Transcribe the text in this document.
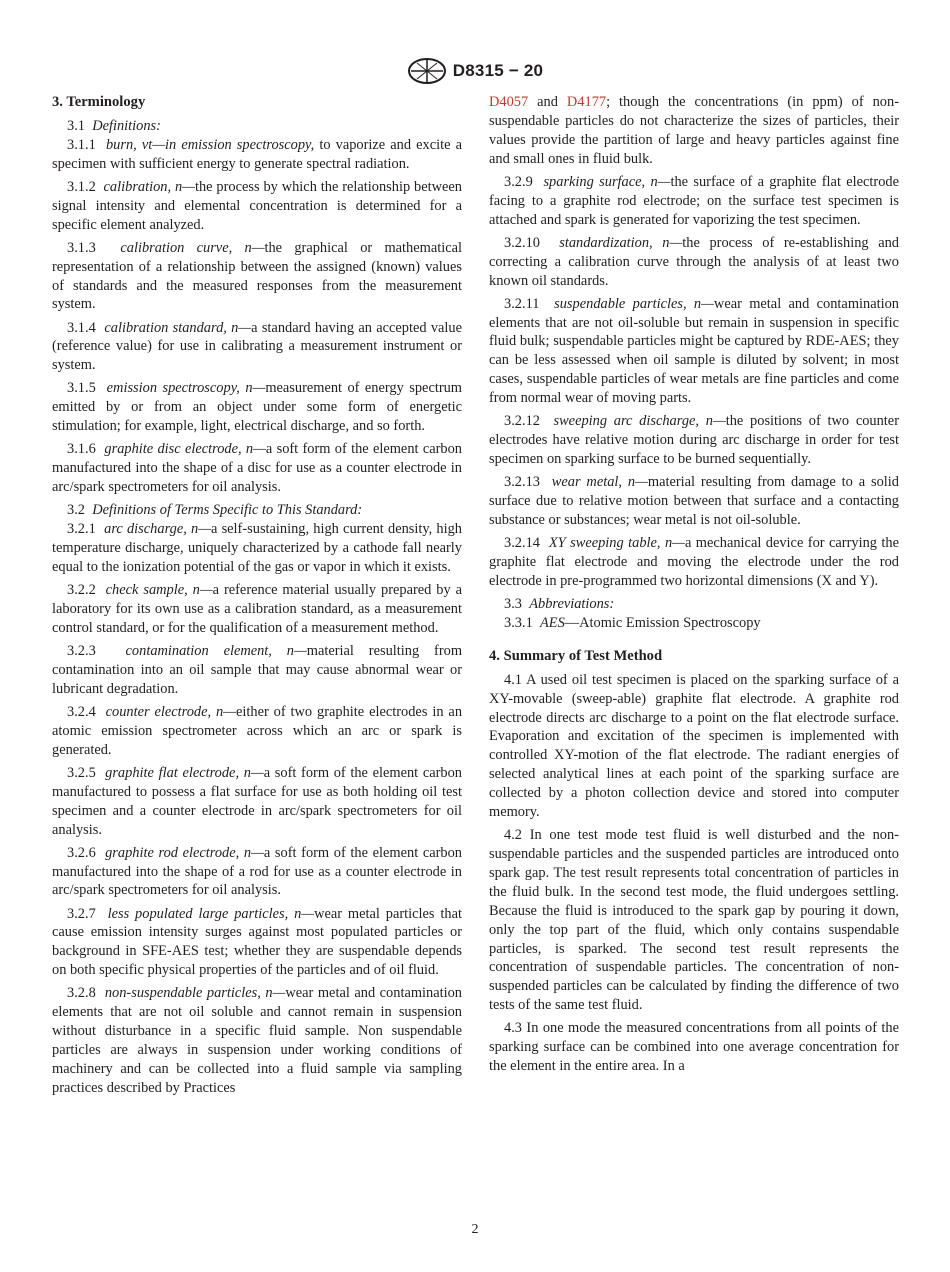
D8315 − 20
3. Terminology

3.1 Definitions:

3.1.1 burn, vt—in emission spectroscopy, to vaporize and excite a specimen with sufficient energy to generate spectral radiation.

3.1.2 calibration, n—the process by which the relationship between signal intensity and elemental concentration is determined for a specific element analyzed.

3.1.3 calibration curve, n—the graphical or mathematical representation of a relationship between the assigned (known) values of standards and the measured responses from the measurement system.

3.1.4 calibration standard, n—a standard having an accepted value (reference value) for use in calibrating a measurement instrument or system.

3.1.5 emission spectroscopy, n—measurement of energy spectrum emitted by or from an object under some form of energetic stimulation; for example, light, electrical discharge, and so forth.

3.1.6 graphite disc electrode, n—a soft form of the element carbon manufactured into the shape of a disc for use as a counter electrode in arc/spark spectrometers for oil analysis.

3.2 Definitions of Terms Specific to This Standard:

3.2.1 arc discharge, n—a self-sustaining, high current density, high temperature discharge, uniquely characterized by a cathode fall nearly equal to the ionization potential of the gas or vapor in which it exists.

3.2.2 check sample, n—a reference material usually prepared by a laboratory for its own use as a calibration standard, as a measurement control standard, or for the qualification of a measurement method.

3.2.3 contamination element, n—material resulting from contamination into an oil sample that may cause abnormal wear or lubricant degradation.

3.2.4 counter electrode, n—either of two graphite electrodes in an atomic emission spectrometer across which an arc or spark is generated.

3.2.5 graphite flat electrode, n—a soft form of the element carbon manufactured to possess a flat surface for use as both holding oil test specimen and a counter electrode in arc/spark spectrometers for oil analysis.

3.2.6 graphite rod electrode, n—a soft form of the element carbon manufactured into the shape of a rod for use as a counter electrode in arc/spark spectrometers for oil analysis.

3.2.7 less populated large particles, n—wear metal particles that cause emission intensity surges against most populated particles or background in SFE-AES test; whether they are suspendable depends on both specific physical properties of the particles and of oil fluid.

3.2.8 non-suspendable particles, n—wear metal and contamination elements that are not oil soluble and cannot remain in suspension without disturbance in a specific fluid sample. Non suspendable particles are always in suspension under working conditions of machinery and can be collected into a fluid sample via sampling practices described by Practices

D4057 and D4177; though the concentrations (in ppm) of non-suspendable particles do not characterize the sizes of particles, their values provide the partition of large and heavy particles against fine and small ones in fluid bulk.

3.2.9 sparking surface, n—the surface of a graphite flat electrode facing to a graphite rod electrode; on the surface test specimen is attached and spark is generated for vaporizing the test specimen.

3.2.10 standardization, n—the process of re-establishing and correcting a calibration curve through the analysis of at least two known oil standards.

3.2.11 suspendable particles, n—wear metal and contamination elements that are not oil-soluble but remain in suspension in specific fluid bulk; suspendable particles might be captured by RDE-AES; they can be less assessed when oil sample is diluted by solvent; in most cases, suspendable particles of wear metals are fine particles and come from normal wear of moving parts.

3.2.12 sweeping arc discharge, n—the positions of two counter electrodes have relative motion during arc discharge in order for test specimen on sparking surface to be burned sequentially.

3.2.13 wear metal, n—material resulting from damage to a solid surface due to relative motion between that surface and a contacting substance or substances; wear metal is not oil-soluble.

3.2.14 XY sweeping table, n—a mechanical device for carrying the graphite flat electrode and moving the electrode under the rod electrode in pre-programmed two horizontal dimensions (X and Y).

3.3 Abbreviations:

3.3.1 AES—Atomic Emission Spectroscopy

4. Summary of Test Method

4.1 A used oil test specimen is placed on the sparking surface of a XY-movable (sweep-able) graphite flat electrode. A graphite rod electrode directs arc discharge to a point on the flat electrode surface. Evaporation and excitation of the specimen is implemented with controlled XY-motion of the flat electrode. The radiant energies of selected analytical lines at each point of the sparking surface are collected by a photon collection device and stored into computer memory.

4.2 In one test mode test fluid is well disturbed and the non-suspendable particles and the suspended particles are introduced onto spark gap. The test result represents total concentration of particles in the fluid bulk. In the second test mode, the fluid undergoes settling. Because the fluid is introduced to the spark gap by pouring it down, only the top part of the fluid, which only contains suspendable particles, is sparked. The second test result represents the concentration of suspendable particles. The concentration of non-suspended particles can be calculated by finding the difference of two tests of the same test fluid.

4.3 In one mode the measured concentrations from all points of the sparking surface can be combined into one average concentration for the element in the entire area. In a

2
